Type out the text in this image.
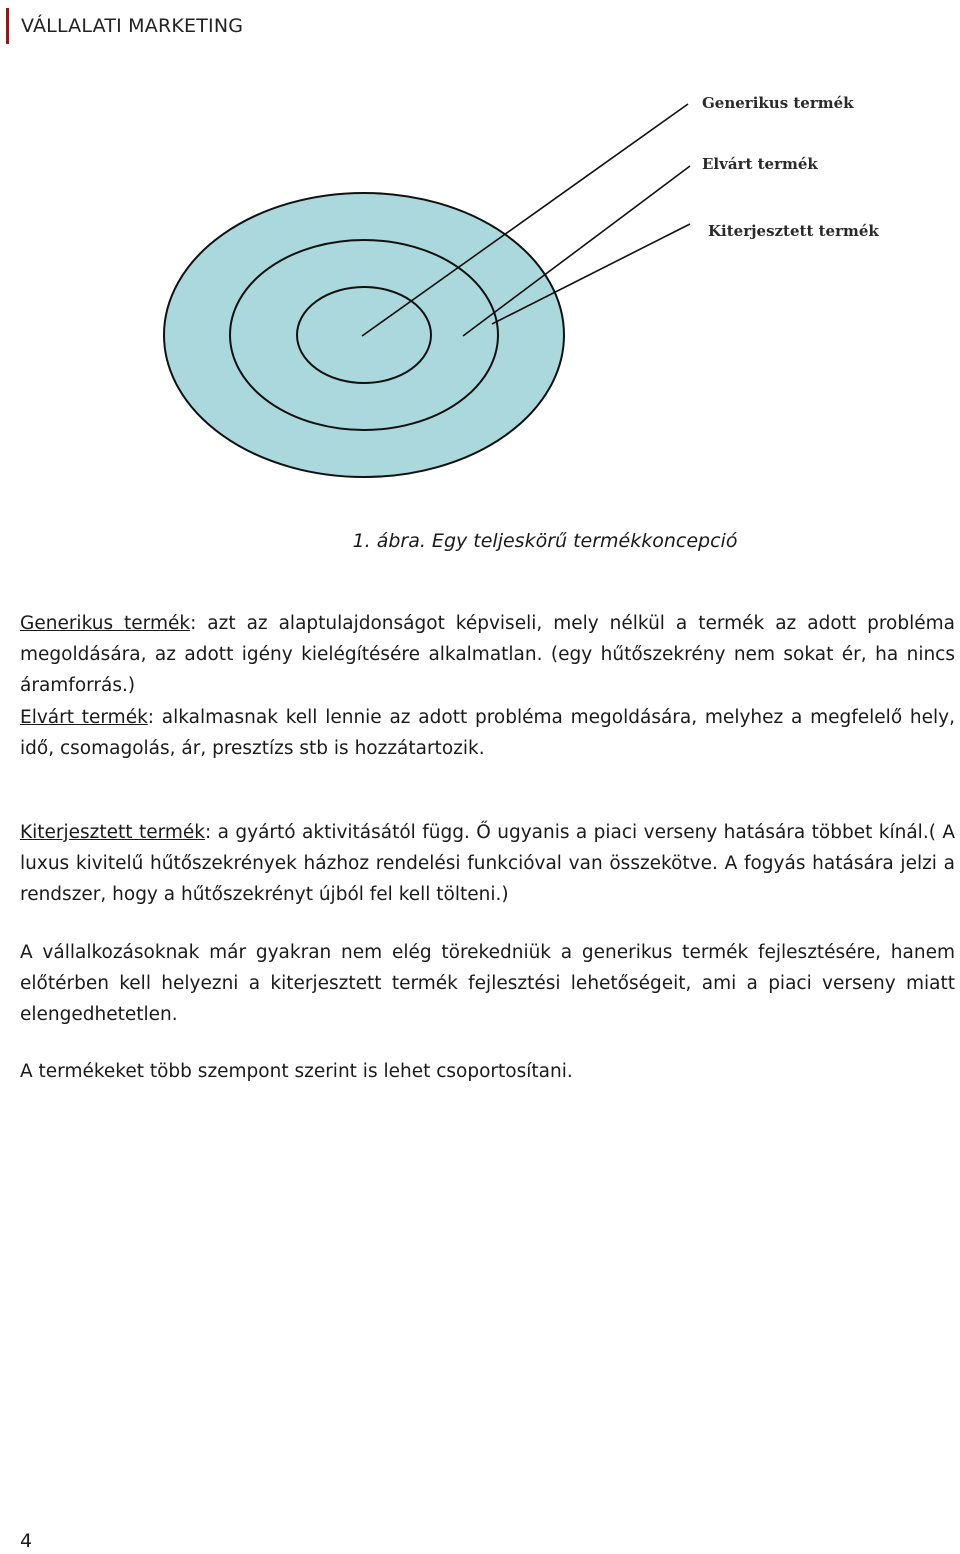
VÁLLALATI MARKETING
Generikus termék
Elvárt termék
Kiterjesztett termék
1. ábra. Egy teljeskörű termékkoncepció

Generikus termék: azt az alaptulajdonságot képviseli, mely nélkül a termék az adott probléma megoldására, az adott igény kielégítésére alkalmatlan. (egy hűtőszekrény nem sokat ér, ha nincs áramforrás.)

Elvárt termék: alkalmasnak kell lennie az adott probléma megoldására, melyhez a megfelelő hely, idő, csomagolás, ár, presztízs stb is hozzátartozik.

Kiterjesztett termék: a gyártó aktivitásától függ. Ő ugyanis a piaci verseny hatására többet kínál.( A luxus kivitelű hűtőszekrények házhoz rendelési funkcióval van összekötve. A fogyás hatására jelzi a rendszer, hogy a hűtőszekrényt újból fel kell tölteni.)

A vállalkozásoknak már gyakran nem elég törekedniük a generikus termék fejlesztésére, hanem előtérben kell helyezni a kiterjesztett termék fejlesztési lehetőségeit, ami a piaci verseny miatt elengedhetetlen.

A termékeket több szempont szerint is lehet csoportosítani.

4
